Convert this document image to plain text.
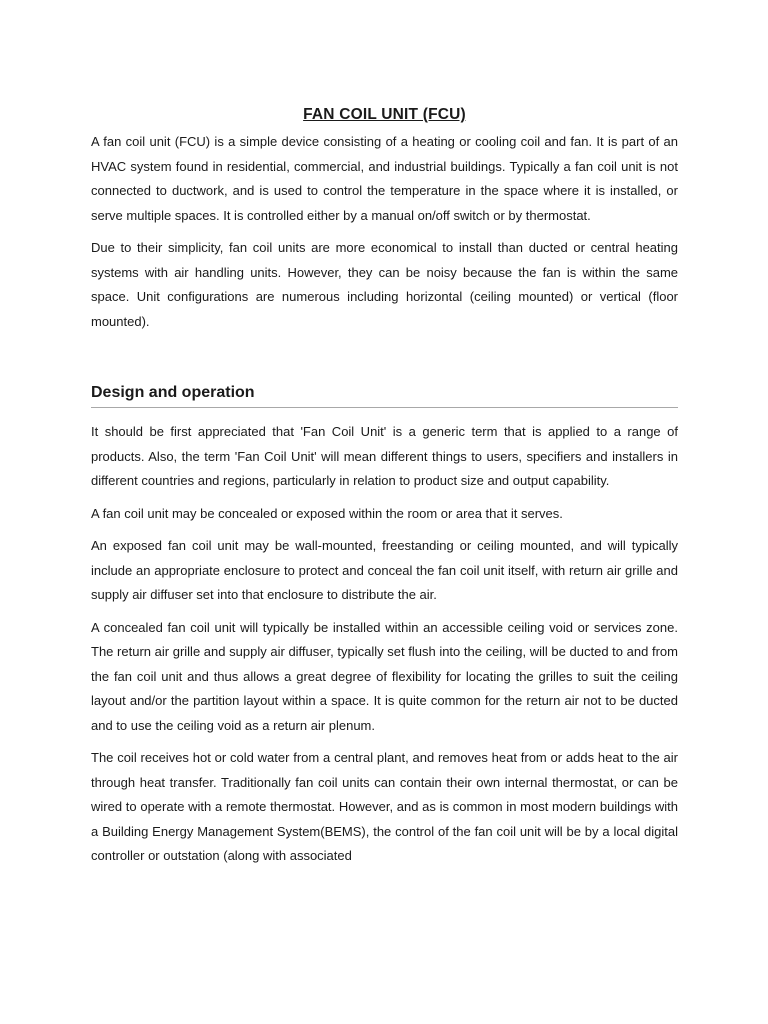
FAN COIL UNIT (FCU)

A fan coil unit (FCU) is a simple device consisting of a heating or cooling coil and fan. It is part of an HVAC system found in residential, commercial, and industrial buildings. Typically a fan coil unit is not connected to ductwork, and is used to control the temperature in the space where it is installed, or serve multiple spaces. It is controlled either by a manual on/off switch or by thermostat.

Due to their simplicity, fan coil units are more economical to install than ducted or central heating systems with air handling units. However, they can be noisy because the fan is within the same space. Unit configurations are numerous including horizontal (ceiling mounted) or vertical (floor mounted).

Design and operation

It should be first appreciated that 'Fan Coil Unit' is a generic term that is applied to a range of products. Also, the term 'Fan Coil Unit' will mean different things to users, specifiers and installers in different countries and regions, particularly in relation to product size and output capability.

A fan coil unit may be concealed or exposed within the room or area that it serves.

An exposed fan coil unit may be wall-mounted, freestanding or ceiling mounted, and will typically include an appropriate enclosure to protect and conceal the fan coil unit itself, with return air grille and supply air diffuser set into that enclosure to distribute the air.

A concealed fan coil unit will typically be installed within an accessible ceiling void or services zone. The return air grille and supply air diffuser, typically set flush into the ceiling, will be ducted to and from the fan coil unit and thus allows a great degree of flexibility for locating the grilles to suit the ceiling layout and/or the partition layout within a space. It is quite common for the return air not to be ducted and to use the ceiling void as a return air plenum.

The coil receives hot or cold water from a central plant, and removes heat from or adds heat to the air through heat transfer. Traditionally fan coil units can contain their own internal thermostat, or can be wired to operate with a remote thermostat. However, and as is common in most modern buildings with a Building Energy Management System(BEMS), the control of the fan coil unit will be by a local digital controller or outstation (along with associated
